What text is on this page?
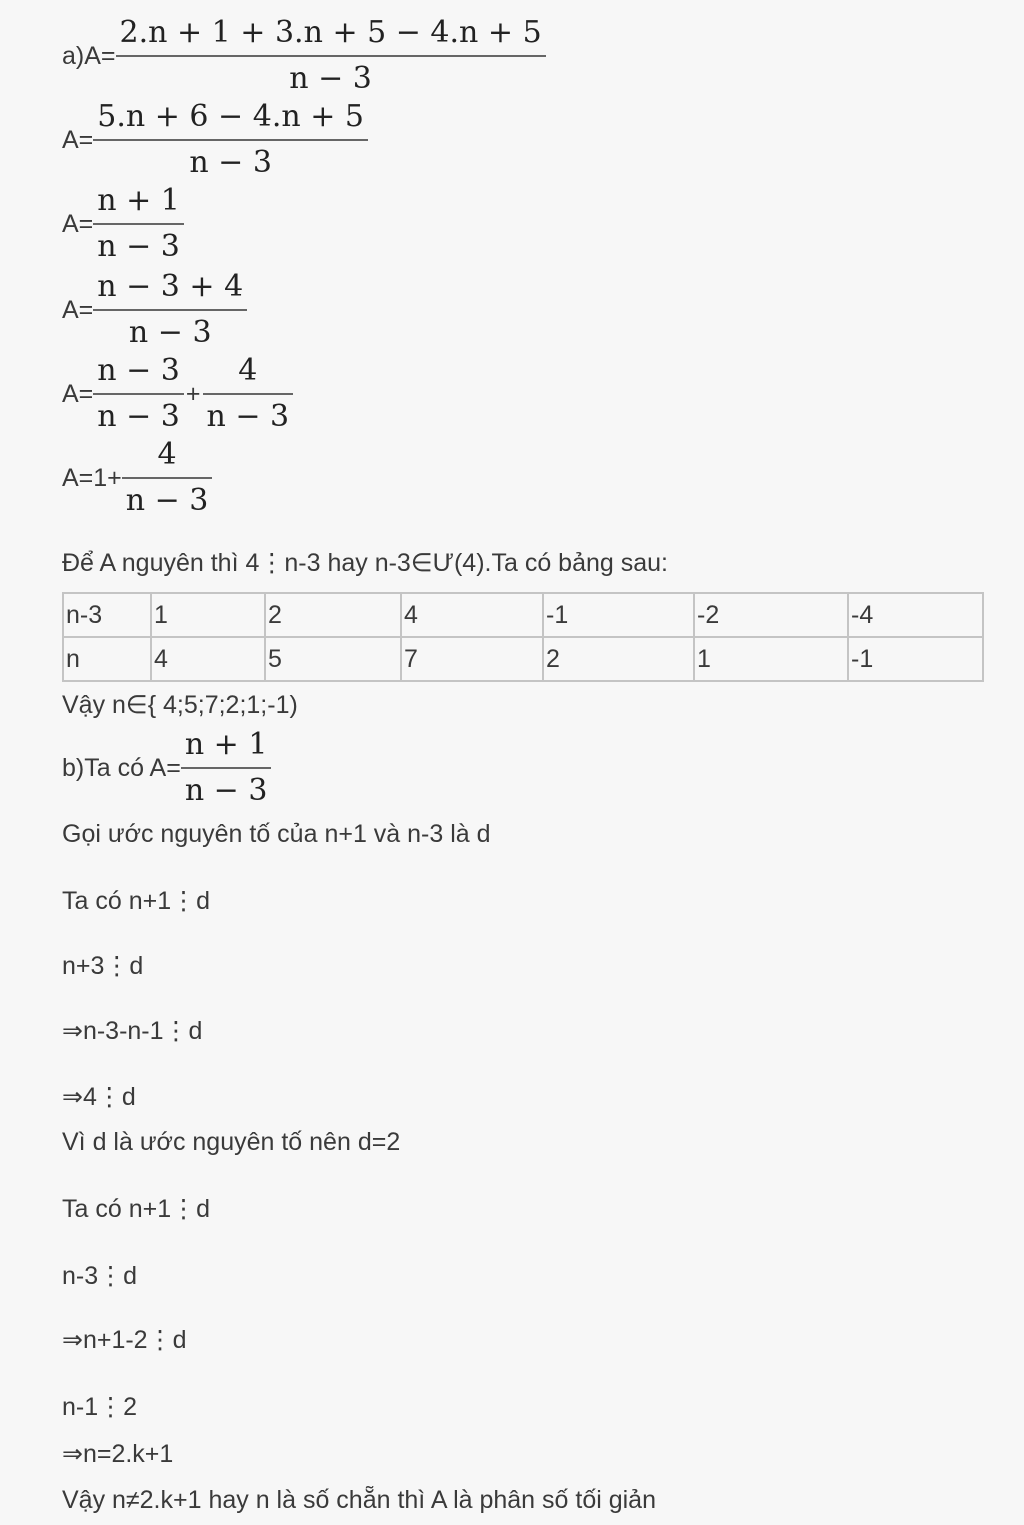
$a)A= \frac{2.n + 1 + 3.n + 5 - 4.n + 5}{n - 3}$
$A= \frac{5.n + 6 - 4.n + 5}{n - 3}$
$A= \frac{n + 1}{n - 3}$
$A= \frac{n - 3 + 4}{n - 3}$
$A= \frac{n - 3}{n - 3} + \frac{4}{n - 3}$
$A=1+ \frac{4}{n - 3}$
Để A nguyên thì 4⋮n-3 hay n-3∈Ư(4).Ta có bảng sau:
n-3	1	2	4	-1	-2	-4
n	4	5	7	2	1	-1
Vậy n∈{ 4;5;7;2;1;-1)
b)Ta có $A= \frac{n + 1}{n - 3}$
Gọi ước nguyên tố của n+1 và n-3 là d
Ta có n+1⋮d
n+3⋮d
⇒n-3-n-1⋮d
⇒4⋮d
Vì d là ước nguyên tố nên d=2
Ta có n+1⋮d
n-3⋮d
⇒n+1-2⋮d
n-1⋮2
⇒n=2.k+1
Vậy n≠2.k+1 hay n là số chẵn thì A là phân số tối giản
